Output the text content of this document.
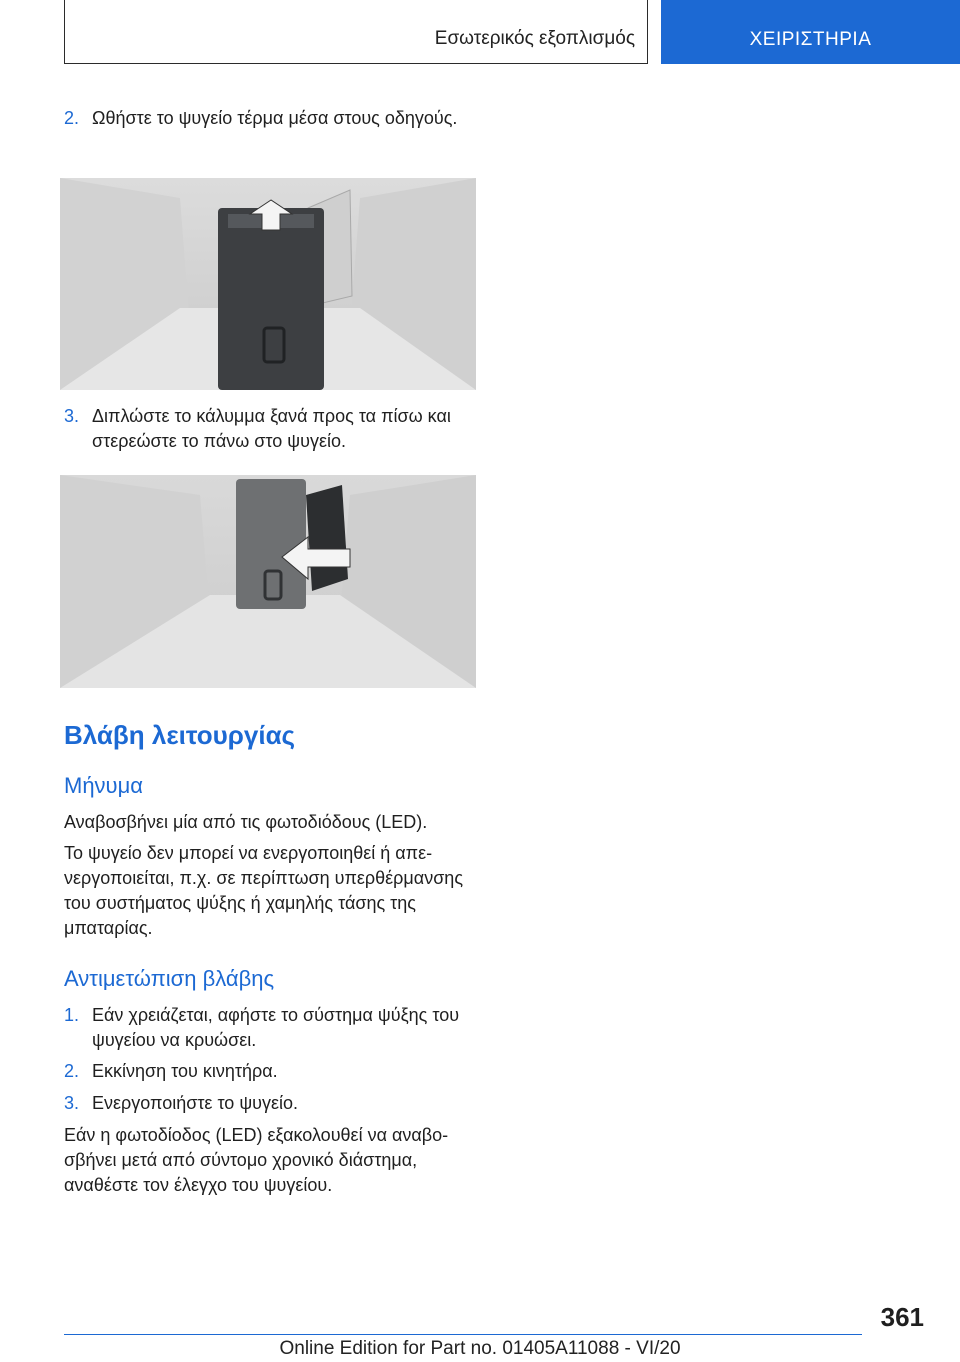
Εσωτερικός εξοπλισμός	ΧΕΙΡΙΣΤΗΡΙΑ
2. Ωθήστε το ψυγείο τέρμα μέσα στους οδηγούς.
3. Διπλώστε το κάλυμμα ξανά προς τα πίσω και στερεώστε το πάνω στο ψυγείο.
Βλάβη λειτουργίας
Μήνυμα
Αναβοσβήνει μία από τις φωτοδιόδους (LED).
Το ψυγείο δεν μπορεί να ενεργοποιηθεί ή απενεργοποιείται, π.χ. σε περίπτωση υπερθέρμανσης του συστήματος ψύξης ή χαμηλής τάσης της μπαταρίας.
Αντιμετώπιση βλάβης
1. Εάν χρειάζεται, αφήστε το σύστημα ψύξης του ψυγείου να κρυώσει.
2. Εκκίνηση του κινητήρα.
3. Ενεργοποιήστε το ψυγείο.
Εάν η φωτοδίοδος (LED) εξακολουθεί να αναβοσβήνει μετά από σύντομο χρονικό διάστημα, αναθέστε τον έλεγχο του ψυγείου.
361
Online Edition for Part no. 01405A11088 - VI/20
